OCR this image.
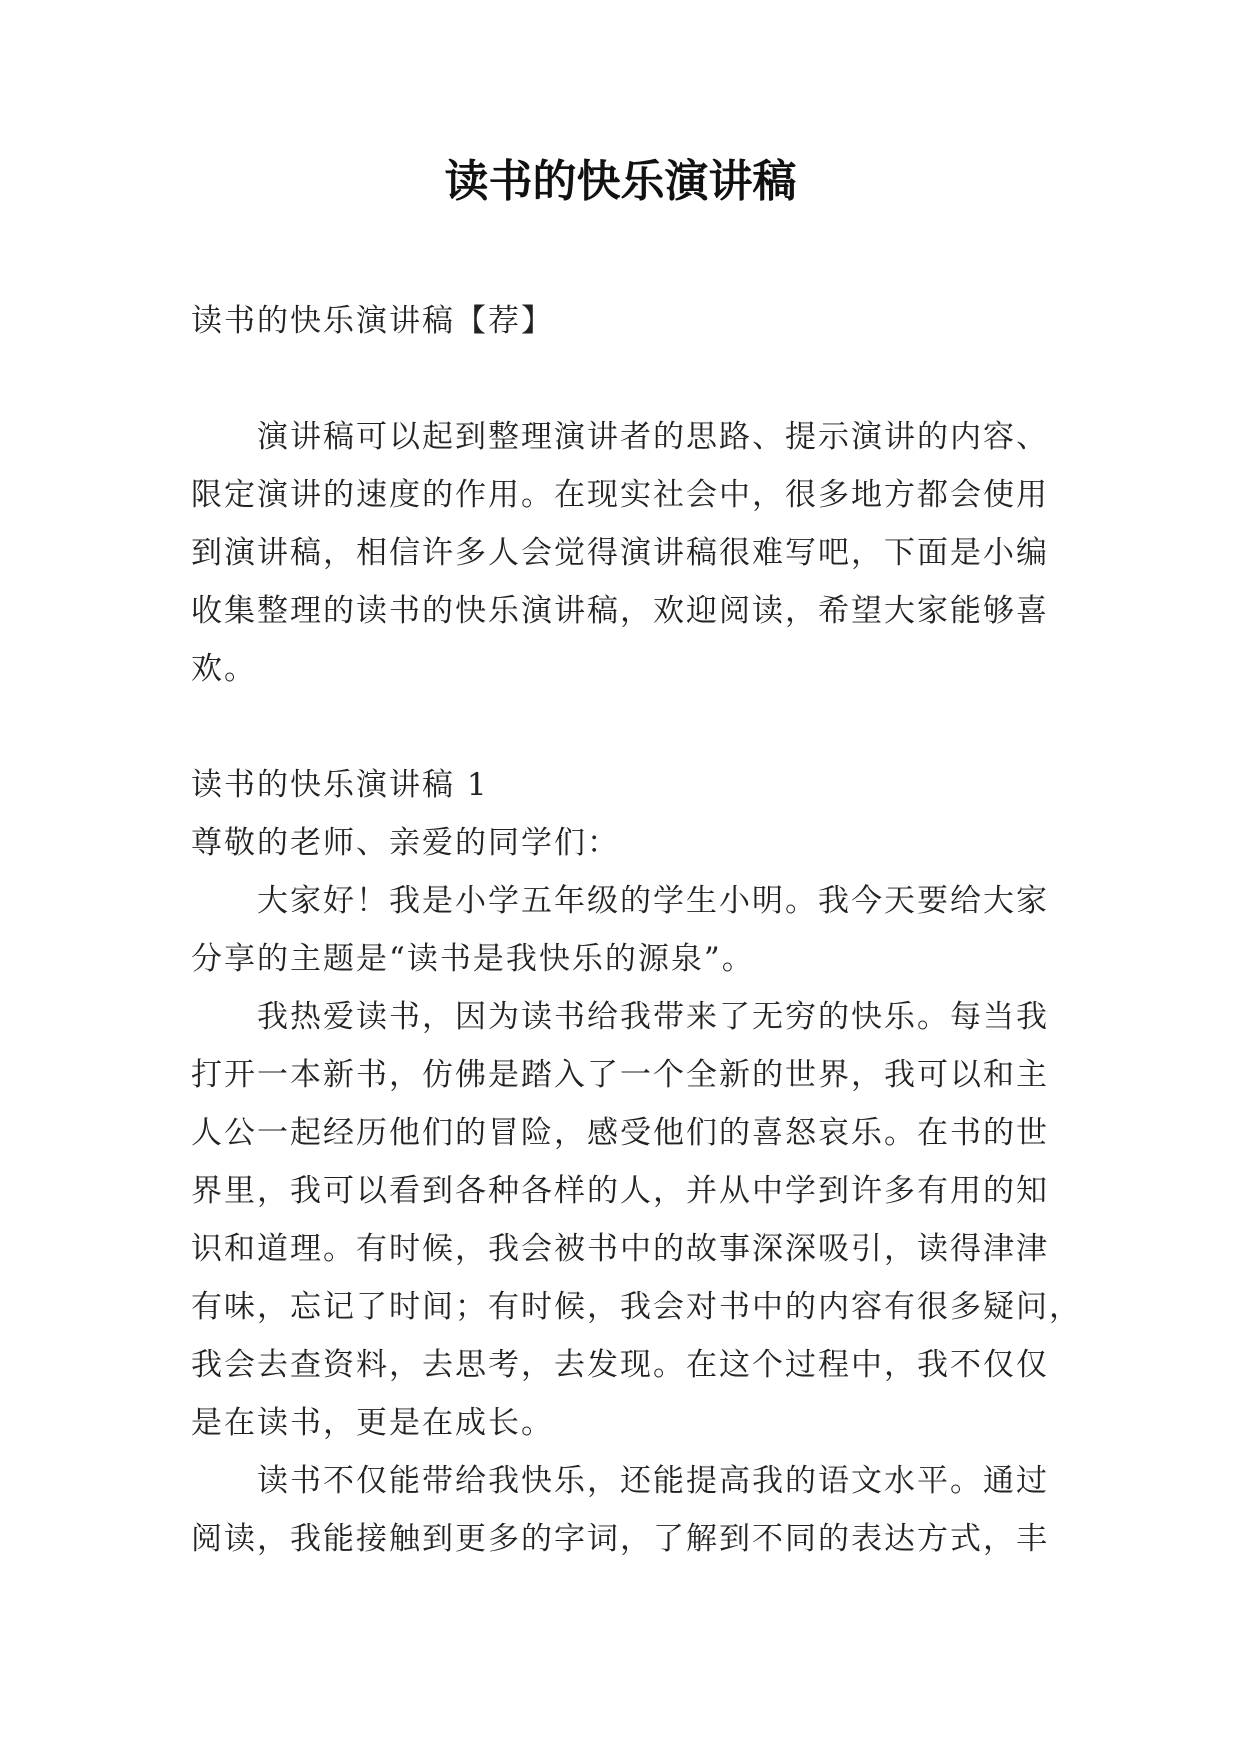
读书的快乐演讲稿
读书的快乐演讲稿【荐】
　　演讲稿可以起到整理演讲者的思路、提示演讲的内容、
限定演讲的速度的作用。在现实社会中，很多地方都会使用
到演讲稿，相信许多人会觉得演讲稿很难写吧，下面是小编
收集整理的读书的快乐演讲稿，欢迎阅读，希望大家能够喜
欢。
读书的快乐演讲稿 1
尊敬的老师、亲爱的同学们：
　　大家好！我是小学五年级的学生小明。我今天要给大家
分享的主题是“读书是我快乐的源泉”。
　　我热爱读书，因为读书给我带来了无穷的快乐。每当我
打开一本新书，仿佛是踏入了一个全新的世界，我可以和主
人公一起经历他们的冒险，感受他们的喜怒哀乐。在书的世
界里，我可以看到各种各样的人，并从中学到许多有用的知
识和道理。有时候，我会被书中的故事深深吸引，读得津津
有味，忘记了时间；有时候，我会对书中的内容有很多疑问，
我会去查资料，去思考，去发现。在这个过程中，我不仅仅
是在读书，更是在成长。
　　读书不仅能带给我快乐，还能提高我的语文水平。通过
阅读，我能接触到更多的字词，了解到不同的表达方式，丰
